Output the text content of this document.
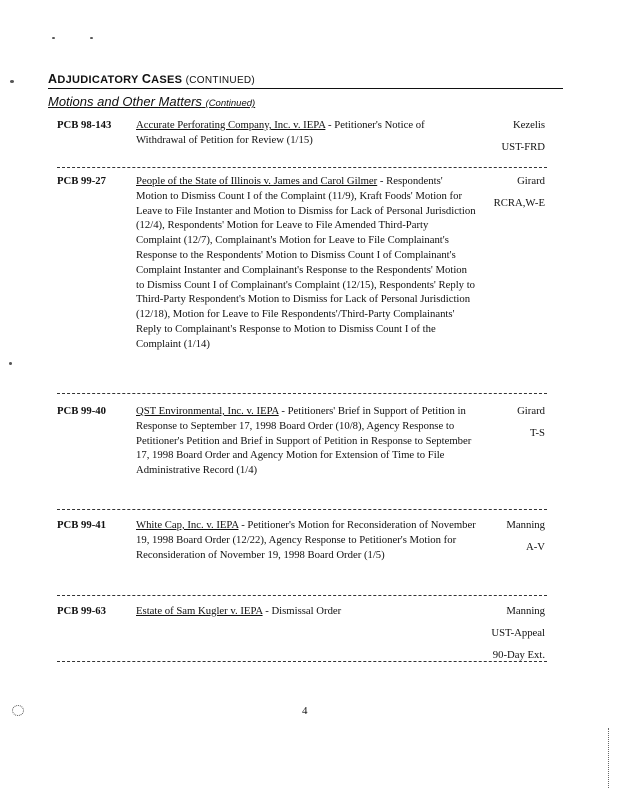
ADJUDICATORY CASES (CONTINUED)
Motions and Other Matters (Continued)
PCB 98-143	Accurate Perforating Company, Inc. v. IEPA - Petitioner's Notice of Withdrawal of Petition for Review (1/15)
Kezelis
UST-FRD
PCB 99-27	People of the State of Illinois v. James and Carol Gilmer - Respondents' Motion to Dismiss Count I of the Complaint (11/9), Kraft Foods' Motion for Leave to File Instanter and Motion to Dismiss for Lack of Personal Jurisdiction (12/4), Respondents' Motion for Leave to File Amended Third-Party Complaint (12/7), Complainant's Motion for Leave to File Complainant's Response to the Respondents' Motion to Dismiss Count I of Complainant's Complaint Instanter and Complainant's Response to the Respondents' Motion to Dismiss Count I of Complainant's Complaint (12/15), Respondents' Reply to Third-Party Respondent's Motion to Dismiss for Lack of Personal Jurisdiction (12/18), Motion for Leave to File Respondents'/Third-Party Complainants' Reply to Complainant's Response to Motion to Dismiss Count I of the Complaint (1/14)
Girard
RCRA,W-E
PCB 99-40	QST Environmental, Inc. v. IEPA - Petitioners' Brief in Support of Petition in Response to September 17, 1998 Board Order (10/8), Agency Response to Petitioner's Petition and Brief in Support of Petition in Response to September 17, 1998 Board Order and Agency Motion for Extension of Time to File Administrative Record (1/4)
Girard
T-S
PCB 99-41	White Cap, Inc. v. IEPA - Petitioner's Motion for Reconsideration of November 19, 1998 Board Order (12/22), Agency Response to Petitioner's Motion for Reconsideration of November 19, 1998 Board Order (1/5)
Manning
A-V
PCB 99-63	Estate of Sam Kugler v. IEPA - Dismissal Order	Manning
UST-Appeal
90-Day Ext.
4
